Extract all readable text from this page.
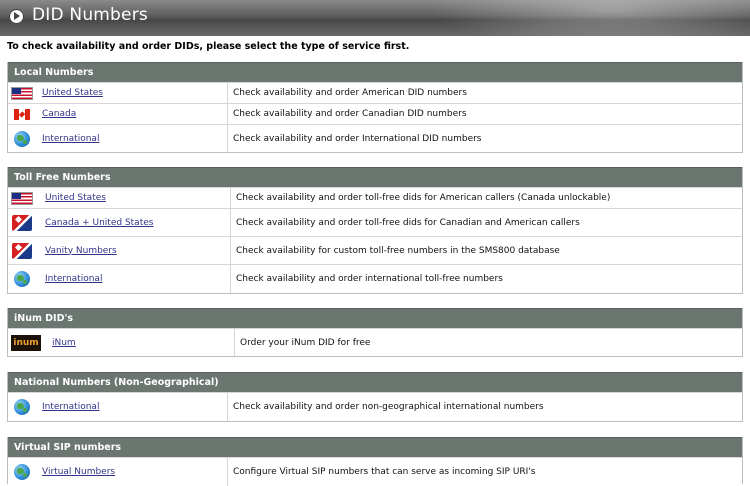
DID Numbers
To check availability and order DIDs, please select the type of service first.
Local Numbers
United States	Check availability and order American DID numbers
Canada	Check availability and order Canadian DID numbers
International	Check availability and order International DID numbers
Toll Free Numbers
United States	Check availability and order toll-free dids for American callers (Canada unlockable)
Canada + United States	Check availability and order toll-free dids for Canadian and American callers
Vanity Numbers	Check availability for custom toll-free numbers in the SMS800 database
International	Check availability and order international toll-free numbers
iNum DID's
inum iNum	Order your iNum DID for free
National Numbers (Non-Geographical)
International	Check availability and order non-geographical international numbers
Virtual SIP numbers
Virtual Numbers	Configure Virtual SIP numbers that can serve as incoming SIP URI's
